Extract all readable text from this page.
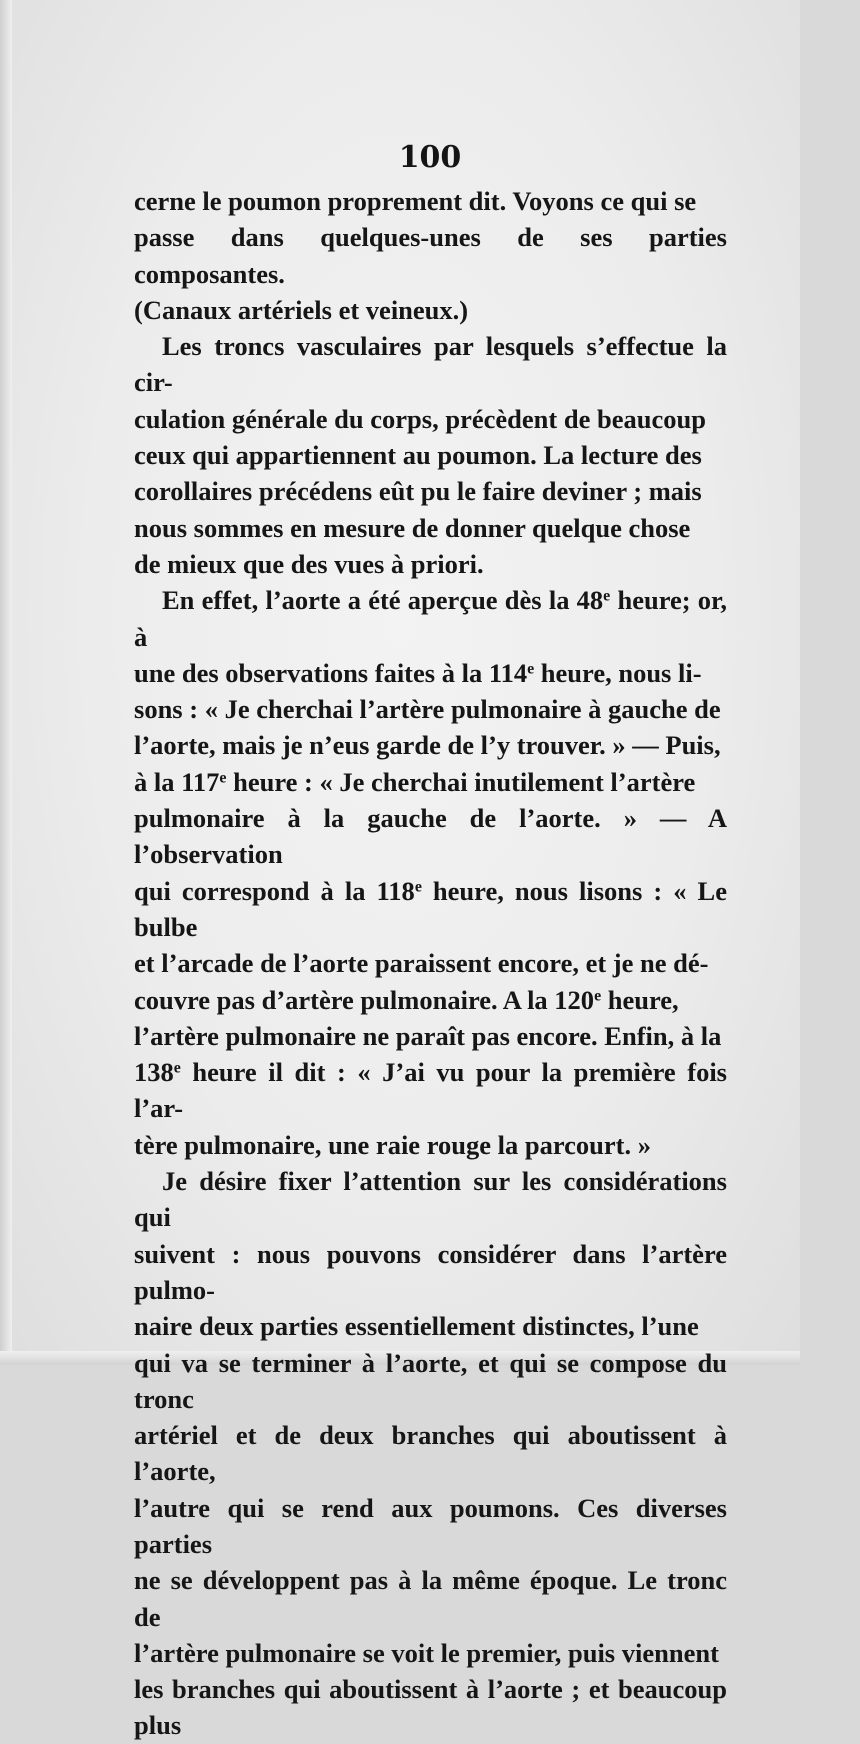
100

cerne le poumon proprement dit. Voyons ce qui se
passe dans quelques-unes de ses parties composantes.
(Canaux artériels et veineux.)

Les troncs vasculaires par lesquels s’effectue la cir-
culation générale du corps, précèdent de beaucoup
ceux qui appartiennent au poumon. La lecture des
corollaires précédens eût pu le faire deviner ; mais
nous sommes en mesure de donner quelque chose
de mieux que des vues à priori.

En effet, l’aorte a été aperçue dès la 48e heure; or, à
une des observations faites à la 114e heure, nous li-
sons : « Je cherchai l’artère pulmonaire à gauche de
l’aorte, mais je n’eus garde de l’y trouver. » — Puis,
à la 117e heure : « Je cherchai inutilement l’artère
pulmonaire à la gauche de l’aorte. » — A l’observation
qui correspond à la 118e heure, nous lisons : « Le bulbe
et l’arcade de l’aorte paraissent encore, et je ne dé-
couvre pas d’artère pulmonaire. A la 120e heure,
l’artère pulmonaire ne paraît pas encore. Enfin, à la
138e heure il dit : « J’ai vu pour la première fois l’ar-
tère pulmonaire, une raie rouge la parcourt. »

Je désire fixer l’attention sur les considérations qui
suivent : nous pouvons considérer dans l’artère pulmo-
naire deux parties essentiellement distinctes, l’une
qui va se terminer à l’aorte, et qui se compose du tronc
artériel et de deux branches qui aboutissent à l’aorte,
l’autre qui se rend aux poumons. Ces diverses parties
ne se développent pas à la même époque. Le tronc de
l’artère pulmonaire se voit le premier, puis viennent
les branches qui aboutissent à l’aorte ; et beaucoup plus
